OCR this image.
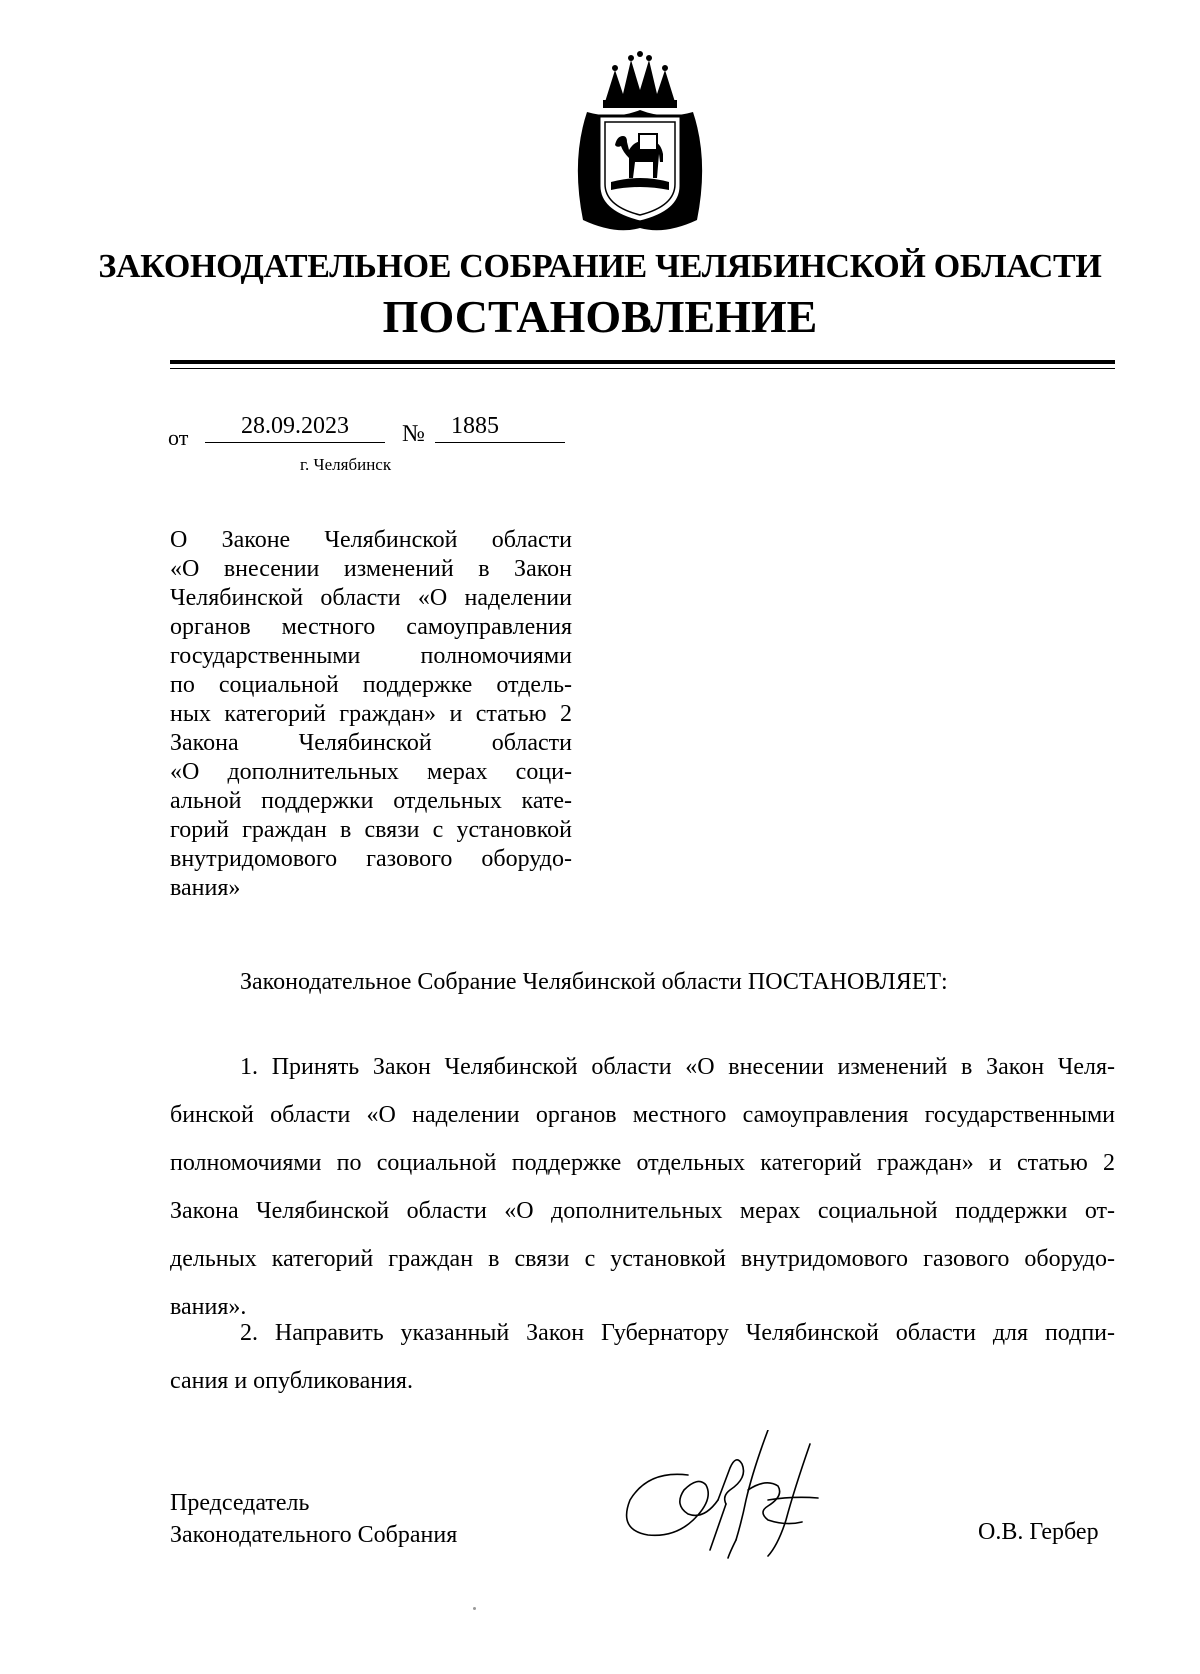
ЗАКОНОДАТЕЛЬНОЕ СОБРАНИЕ ЧЕЛЯБИНСКОЙ ОБЛАСТИ
ПОСТАНОВЛЕНИЕ
от	28.09.2023	№	1885
г. Челябинск
О Законе Челябинской области
«О внесении изменений в Закон
Челябинской области «О наделении
органов местного самоуправления
государственными полномочиями
по социальной поддержке отдель-
ных категорий граждан» и статью 2
Закона Челябинской области
«О дополнительных мерах соци-
альной поддержки отдельных кате-
горий граждан в связи с установкой
внутридомового газового оборудо-
вания»
Законодательное Собрание Челябинской области ПОСТАНОВЛЯЕТ:
1. Принять Закон Челябинской области «О внесении изменений в Закон Челя-
бинской области «О наделении органов местного самоуправления государственными
полномочиями по социальной поддержке отдельных категорий граждан» и статью 2
Закона Челябинской области «О дополнительных мерах социальной поддержки от-
дельных категорий граждан в связи с установкой внутридомового газового оборудо-
вания».
2. Направить указанный Закон Губернатору Челябинской области для подпи-
сания и опубликования.
Председатель
Законодательного Собрания	О.В. Гербер
